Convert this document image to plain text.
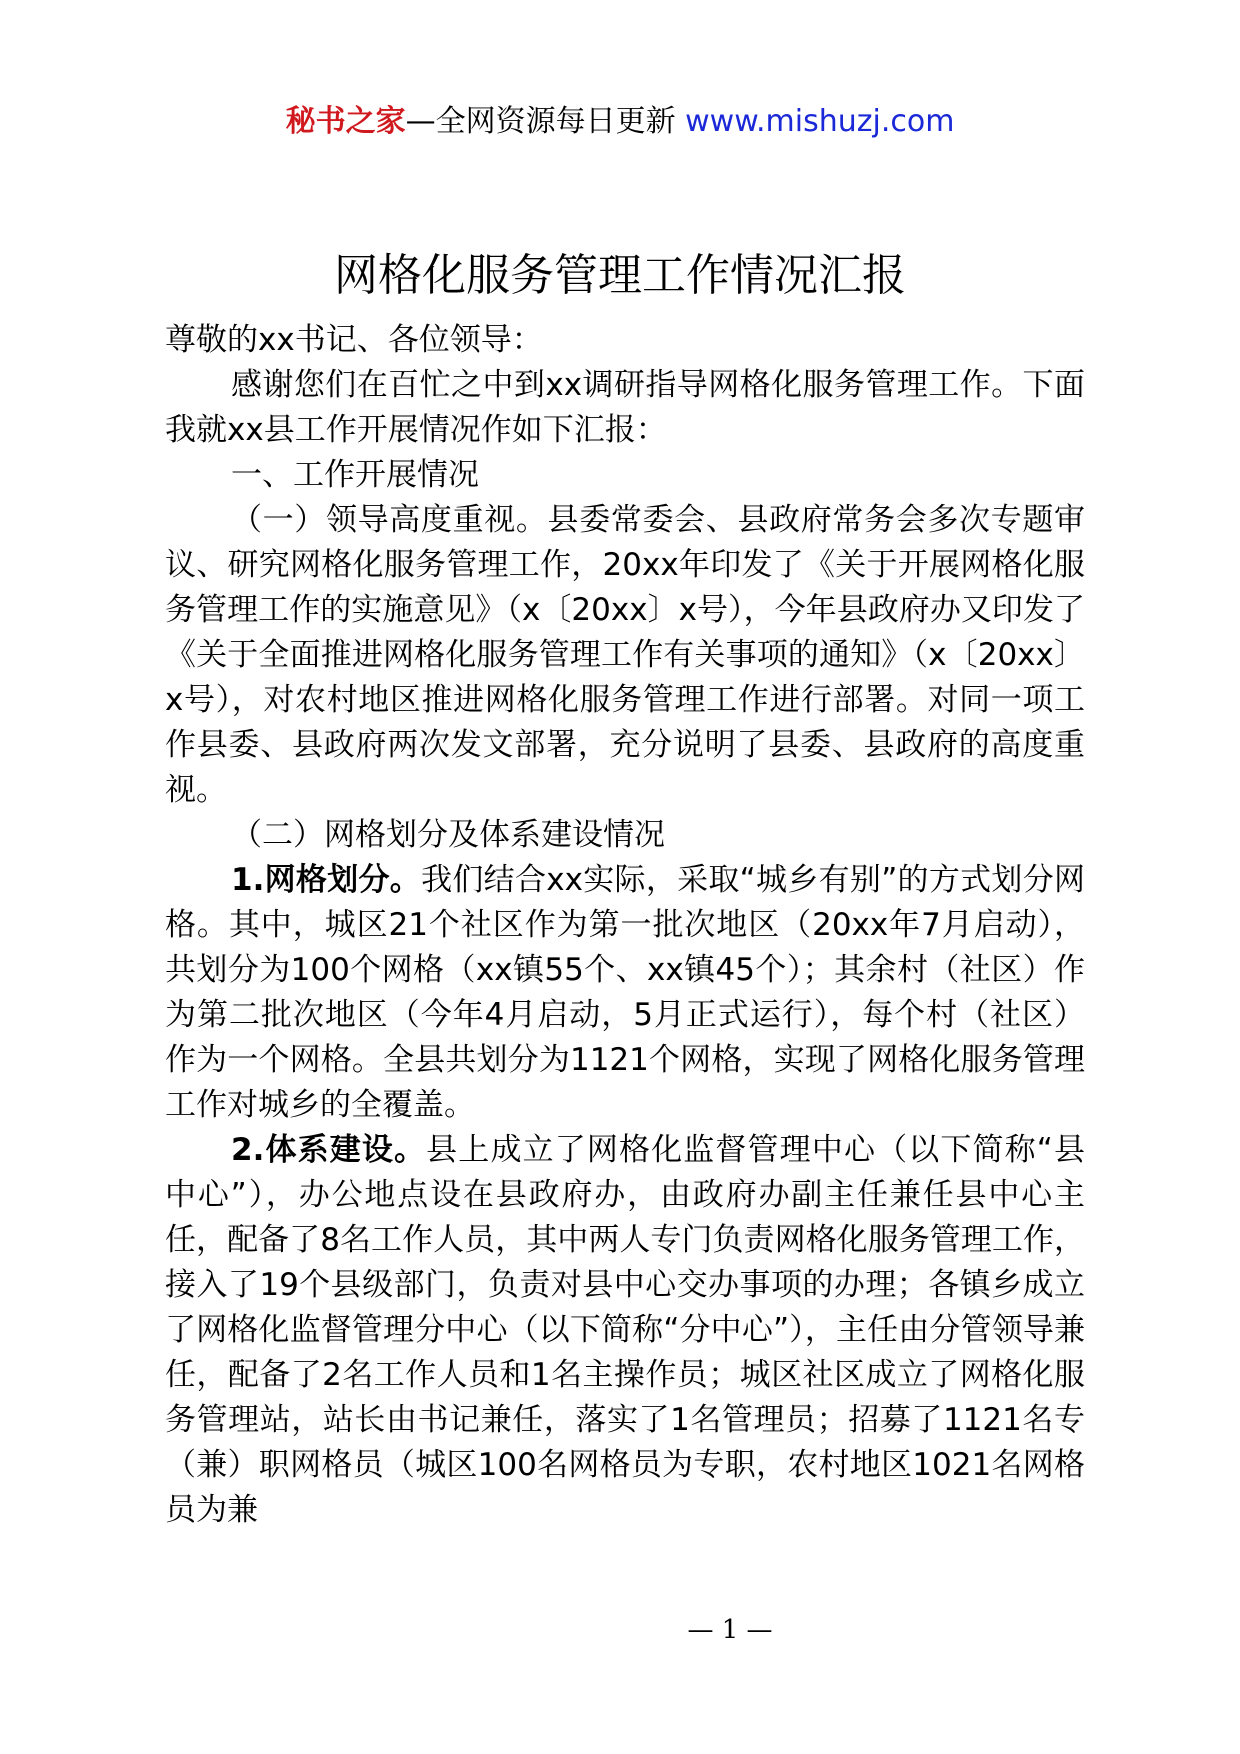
秘书之家—全网资源每日更新 www.mishuzj.com
网格化服务管理工作情况汇报

尊敬的xx书记、各位领导：

感谢您们在百忙之中到xx调研指导网格化服务管理工作。下面我就xx县工作开展情况作如下汇报：

一、工作开展情况

（一）领导高度重视。县委常委会、县政府常务会多次专题审议、研究网格化服务管理工作，20xx年印发了《关于开展网格化服务管理工作的实施意见》（x〔20xx〕x号），今年县政府办又印发了《关于全面推进网格化服务管理工作有关事项的通知》（x〔20xx〕x号），对农村地区推进网格化服务管理工作进行部署。对同一项工作县委、县政府两次发文部署，充分说明了县委、县政府的高度重视。

（二）网格划分及体系建设情况

1.网格划分。我们结合xx实际，采取“城乡有别”的方式划分网格。其中，城区21个社区作为第一批次地区（20xx年7月启动），共划分为100个网格（xx镇55个、xx镇45个）；其余村（社区）作为第二批次地区（今年4月启动，5月正式运行），每个村（社区）作为一个网格。全县共划分为1121个网格，实现了网格化服务管理工作对城乡的全覆盖。

2.体系建设。县上成立了网格化监督管理中心（以下简称“县中心”），办公地点设在县政府办，由政府办副主任兼任县中心主任，配备了8名工作人员，其中两人专门负责网格化服务管理工作，接入了19个县级部门，负责对县中心交办事项的办理；各镇乡成立了网格化监督管理分中心（以下简称“分中心”），主任由分管领导兼任，配备了2名工作人员和1名主操作员；城区社区成立了网格化服务管理站，站长由书记兼任，落实了1名管理员；招募了1121名专（兼）职网格员（城区100名网格员为专职，农村地区1021名网格员为兼

— 1 —
